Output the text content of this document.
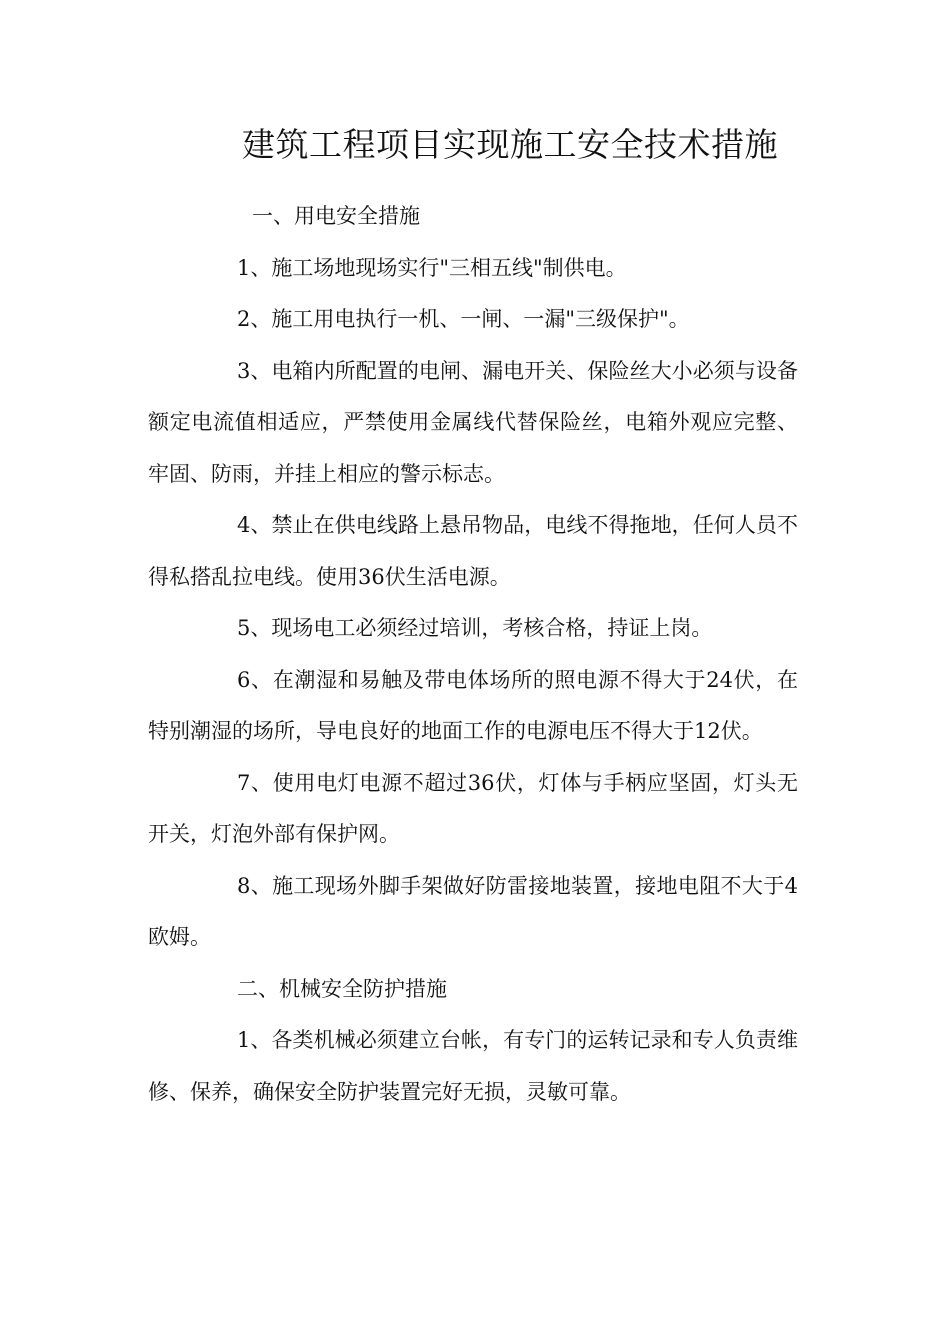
建筑工程项目实现施工安全技术措施

一、用电安全措施

1、施工场地现场实行"三相五线"制供电。

2、施工用电执行一机、一闸、一漏"三级保护"。

3、电箱内所配置的电闸、漏电开关、保险丝大小必须与设备额定电流值相适应，严禁使用金属线代替保险丝，电箱外观应完整、牢固、防雨，并挂上相应的警示标志。

4、禁止在供电线路上悬吊物品，电线不得拖地，任何人员不得私搭乱拉电线。使用36伏生活电源。

5、现场电工必须经过培训，考核合格，持证上岗。

6、在潮湿和易触及带电体场所的照电源不得大于24伏，在特别潮湿的场所，导电良好的地面工作的电源电压不得大于12伏。

7、使用电灯电源不超过36伏，灯体与手柄应坚固，灯头无开关，灯泡外部有保护网。

8、施工现场外脚手架做好防雷接地装置，接地电阻不大于4欧姆。

二、机械安全防护措施

1、各类机械必须建立台帐，有专门的运转记录和专人负责维修、保养，确保安全防护装置完好无损，灵敏可靠。
